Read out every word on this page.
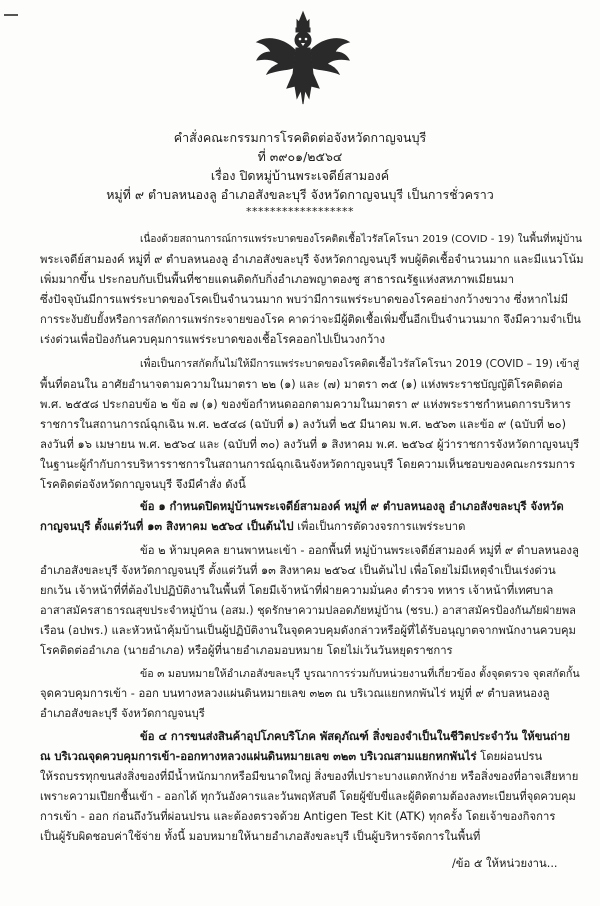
คำสั่งคณะกรรมการโรคติดต่อจังหวัดกาญจนบุรี
ที่ ๓๙๐๑/๒๕๖๔
เรื่อง ปิดหมู่บ้านพระเจดีย์สามองค์
หมู่ที่ ๙ ตำบลหนองลู อำเภอสังขละบุรี จังหวัดกาญจนบุรี เป็นการชั่วคราว
******************
เนื่องด้วยสถานการณ์การแพร่ระบาดของโรคติดเชื้อไวรัสโคโรนา 2019 (COVID - 19) ในพื้นที่หมู่บ้าน
พระเจดีย์สามองค์ หมู่ที่ ๙ ตำบลหนองลู อำเภอสังขละบุรี จังหวัดกาญจนบุรี พบผู้ติดเชื้อจำนวนมาก และมีแนวโน้ม
เพิ่มมากขึ้น ประกอบกับเป็นพื้นที่ชายแดนติดกับกิ่งอำเภอพญาตองซู สาธารณรัฐแห่งสหภาพเมียนมา
ซึ่งปัจจุบันมีการแพร่ระบาดของโรคเป็นจำนวนมาก พบว่ามีการแพร่ระบาดของโรคอย่างกว้างขวาง ซึ่งหากไม่มี
การระงับยับยั้งหรือการสกัดการแพร่กระจายของโรค คาดว่าจะมีผู้ติดเชื้อเพิ่มขึ้นอีกเป็นจำนวนมาก จึงมีความจำเป็น
เร่งด่วนเพื่อป้องกันควบคุมการแพร่ระบาดของเชื้อโรคออกไปเป็นวงกว้าง
เพื่อเป็นการสกัดกั้นไม่ให้มีการแพร่ระบาดของโรคติดเชื้อไวรัสโคโรนา 2019 (COVID – 19) เข้าสู่
พื้นที่ตอนใน อาศัยอำนาจตามความในมาตรา ๒๒ (๑) และ (๗) มาตรา ๓๕ (๑) แห่งพระราชบัญญัติโรคติดต่อ
พ.ศ. ๒๕๕๘ ประกอบข้อ ๒ ข้อ ๗ (๑) ของข้อกำหนดออกตามความในมาตรา ๙ แห่งพระราชกำหนดการบริหาร
ราชการในสถานการณ์ฉุกเฉิน พ.ศ. ๒๕๔๘ (ฉบับที่ ๑) ลงวันที่ ๒๕ มีนาคม พ.ศ. ๒๕๖๓ และข้อ ๙ (ฉบับที่ ๒๐)
ลงวันที่ ๑๖ เมษายน พ.ศ. ๒๕๖๔ และ (ฉบับที่ ๓๐) ลงวันที่ ๑ สิงหาคม พ.ศ. ๒๕๖๔ ผู้ว่าราชการจังหวัดกาญจนบุรี
ในฐานะผู้กำกับการบริหารราชการในสถานการณ์ฉุกเฉินจังหวัดกาญจนบุรี โดยความเห็นชอบของคณะกรรมการ
โรคติดต่อจังหวัดกาญจนบุรี จึงมีคำสั่ง ดังนี้
ข้อ ๑ กำหนดปิดหมู่บ้านพระเจดีย์สามองค์ หมู่ที่ ๙ ตำบลหนองลู อำเภอสังขละบุรี จังหวัด
กาญจนบุรี ตั้งแต่วันที่ ๑๓ สิงหาคม ๒๕๖๔ เป็นต้นไป เพื่อเป็นการตัดวงจรการแพร่ระบาด
ข้อ ๒ ห้ามบุคคล ยานพาหนะเข้า - ออกพื้นที่ หมู่บ้านพระเจดีย์สามองค์ หมู่ที่ ๙ ตำบลหนองลู
อำเภอสังขละบุรี จังหวัดกาญจนบุรี ตั้งแต่วันที่ ๑๓ สิงหาคม ๒๕๖๔ เป็นต้นไป เพื่อโดยไม่มีเหตุจำเป็นเร่งด่วน
ยกเว้น เจ้าหน้าที่ที่ต้องไปปฏิบัติงานในพื้นที่ โดยมีเจ้าหน้าที่ฝ่ายความมั่นคง ตำรวจ ทหาร เจ้าหน้าที่เทศบาล
อาสาสมัครสาธารณสุขประจำหมู่บ้าน (อสม.) ชุดรักษาความปลอดภัยหมู่บ้าน (ชรบ.) อาสาสมัครป้องกันภัยฝ่ายพล
เรือน (อปพร.) และหัวหน้าคุ้มบ้านเป็นผู้ปฏิบัติงานในจุดควบคุมดังกล่าวหรือผู้ที่ได้รับอนุญาตจากพนักงานควบคุม
โรคติดต่ออำเภอ (นายอำเภอ) หรือผู้ที่นายอำเภอมอบหมาย โดยไม่เว้นวันหยุดราชการ
ข้อ ๓ มอบหมายให้อำเภอสังขละบุรี บูรณาการร่วมกับหน่วยงานที่เกี่ยวข้อง ตั้งจุดตรวจ จุดสกัดกั้น
จุดควบคุมการเข้า - ออก บนทางหลวงแผ่นดินหมายเลข ๓๒๓ ณ บริเวณแยกหกพันไร่ หมู่ที่ ๙ ตำบลหนองลู
อำเภอสังขละบุรี จังหวัดกาญจนบุรี
ข้อ ๔ การขนส่งสินค้าอุปโภคบริโภค พัสดุภัณฑ์ สิ่งของจำเป็นในชีวิตประจำวัน ให้ขนถ่าย
ณ บริเวณจุดควบคุมการเข้า-ออกทางหลวงแผ่นดินหมายเลข ๓๒๓ บริเวณสามแยกหกพันไร่ โดยผ่อนปรน
ให้รถบรรทุกขนส่งสิ่งของที่มีน้ำหนักมากหรือมีขนาดใหญ่ สิ่งของที่เปราะบางแตกหักง่าย หรือสิ่งของที่อาจเสียหาย
เพราะความเปียกชื้นเข้า - ออกได้ ทุกวันอังคารและวันพฤหัสบดี โดยผู้ขับขี่และผู้ติดตามต้องลงทะเบียนที่จุดควบคุม
การเข้า - ออก ก่อนถึงวันที่ผ่อนปรน และต้องตรวจด้วย Antigen Test Kit (ATK) ทุกครั้ง โดยเจ้าของกิจการ
เป็นผู้รับผิดชอบค่าใช้จ่าย ทั้งนี้ มอบหมายให้นายอำเภอสังขละบุรี เป็นผู้บริหารจัดการในพื้นที่
/ข้อ ๕ ให้หน่วยงาน...
